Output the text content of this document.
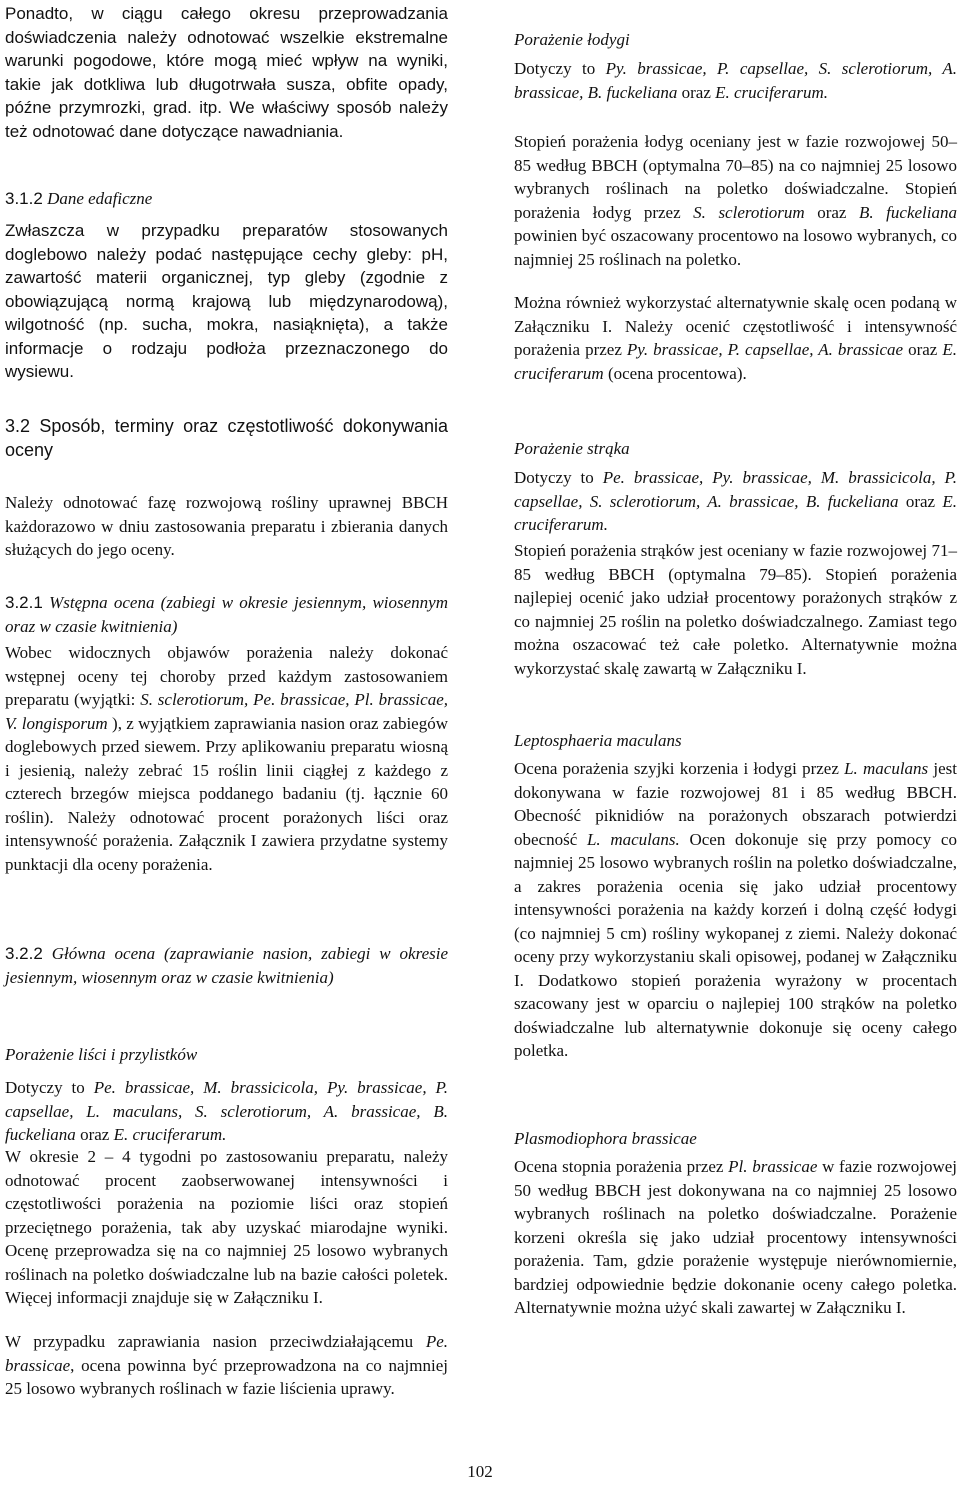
Ponadto, w ciągu całego okresu przeprowadzania doświadczenia należy odnotować wszelkie ekstremalne warunki pogodowe, które mogą mieć wpływ na wyniki, takie jak dotkliwa lub długotrwała susza, obfite opady, późne przymrozki, grad. itp. We właściwy sposób należy też odnotować dane dotyczące nawadniania.

3.1.2 Dane edaficzne

Zwłaszcza w przypadku preparatów stosowanych doglebowo należy podać następujące cechy gleby: pH, zawartość materii organicznej, typ gleby (zgodnie z obowiązującą normą krajową lub międzynarodową), wilgotność (np. sucha, mokra, nasiąknięta), a także informacje o rodzaju podłoża przeznaczonego do wysiewu.

3.2 Sposób, terminy oraz częstotliwość dokonywania oceny

Należy odnotować fazę rozwojową rośliny uprawnej BBCH każdorazowo w dniu zastosowania preparatu i zbierania danych służących do jego oceny.

3.2.1 Wstępna ocena (zabiegi w okresie jesiennym, wiosennym oraz w czasie kwitnienia)

Wobec widocznych objawów porażenia należy dokonać wstępnej oceny tej choroby przed każdym zastosowaniem preparatu (wyjątki: S. sclerotiorum, Pe. brassicae, Pl. brassicae, V. longisporum ), z wyjątkiem zaprawiania nasion oraz zabiegów doglebowych przed siewem. Przy aplikowaniu preparatu wiosną i jesienią, należy zebrać 15 roślin linii ciągłej z każdego z czterech brzegów miejsca poddanego badaniu (tj. łącznie 60 roślin). Należy odnotować procent porażonych liści oraz intensywność porażenia. Załącznik I zawiera przydatne systemy punktacji dla oceny porażenia.

3.2.2 Główna ocena (zaprawianie nasion, zabiegi w okresie jesiennym, wiosennym oraz w czasie kwitnienia)

Porażenie liści i przylistków

Dotyczy to Pe. brassicae, M. brassicicola, Py. brassicae, P. capsellae, L. maculans, S. sclerotiorum, A. brassicae, B. fuckeliana oraz E. cruciferarum.

W okresie 2 – 4 tygodni po zastosowaniu preparatu, należy odnotować procent zaobserwowanej intensywności i częstotliwości porażenia na poziomie liści oraz stopień przeciętnego porażenia, tak aby uzyskać miarodajne wyniki. Ocenę przeprowadza się na co najmniej 25 losowo wybranych roślinach na poletko doświadczalne lub na bazie całości poletek. Więcej informacji znajduje się w Załączniku I.

W przypadku zaprawiania nasion przeciwdziałającemu Pe. brassicae, ocena powinna być przeprowadzona na co najmniej 25 losowo wybranych roślinach w fazie liścienia uprawy.

Porażenie łodygi

Dotyczy to Py. brassicae, P. capsellae, S. sclerotiorum, A. brassicae, B. fuckeliana oraz E. cruciferarum.

Stopień porażenia łodyg oceniany jest w fazie rozwojowej 50–85 według BBCH (optymalna 70–85) na co najmniej 25 losowo wybranych roślinach na poletko doświadczalne. Stopień porażenia łodyg przez S. sclerotiorum oraz B. fuckeliana powinien być oszacowany procentowo na losowo wybranych, co najmniej 25 roślinach na poletko.

Można również wykorzystać alternatywnie skalę ocen podaną w Załączniku I. Należy ocenić częstotliwość i intensywność porażenia przez Py. brassicae, P. capsellae, A. brassicae oraz E. cruciferarum (ocena procentowa).

Porażenie strąka

Dotyczy to Pe. brassicae, Py. brassicae, M. brassicicola, P. capsellae, S. sclerotiorum, A. brassicae, B. fuckeliana oraz E. cruciferarum.

Stopień porażenia strąków jest oceniany w fazie rozwojowej 71–85 według BBCH (optymalna 79–85). Stopień porażenia najlepiej ocenić jako udział procentowy porażonych strąków z co najmniej 25 roślin na poletko doświadczalnego. Zamiast tego można oszacować też całe poletko. Alternatywnie można wykorzystać skalę zawartą w Załączniku I.

Leptosphaeria maculans

Ocena porażenia szyjki korzenia i łodygi przez L. maculans jest dokonywana w fazie rozwojowej 81 i 85 według BBCH. Obecność piknidiów na porażonych obszarach potwierdzi obecność L. maculans. Ocen dokonuje się przy pomocy co najmniej 25 losowo wybranych roślin na poletko doświadczalne, a zakres porażenia ocenia się jako udział procentowy intensywności porażenia na każdy korzeń i dolną część łodygi (co najmniej 5 cm) rośliny wykopanej z ziemi. Należy dokonać oceny przy wykorzystaniu skali opisowej, podanej w Załączniku I. Dodatkowo stopień porażenia wyrażony w procentach szacowany jest w oparciu o najlepiej 100 strąków na poletko doświadczalne lub alternatywnie dokonuje się oceny całego poletka.

Plasmodiophora brassicae

Ocena stopnia porażenia przez Pl. brassicae w fazie rozwojowej 50 według BBCH jest dokonywana na co najmniej 25 losowo wybranych roślinach na poletko doświadczalne. Porażenie korzeni określa się jako udział procentowy intensywności porażenia. Tam, gdzie porażenie występuje nierównomiernie, bardziej odpowiednie będzie dokonanie oceny całego poletka. Alternatywnie można użyć skali zawartej w Załączniku I.

102
